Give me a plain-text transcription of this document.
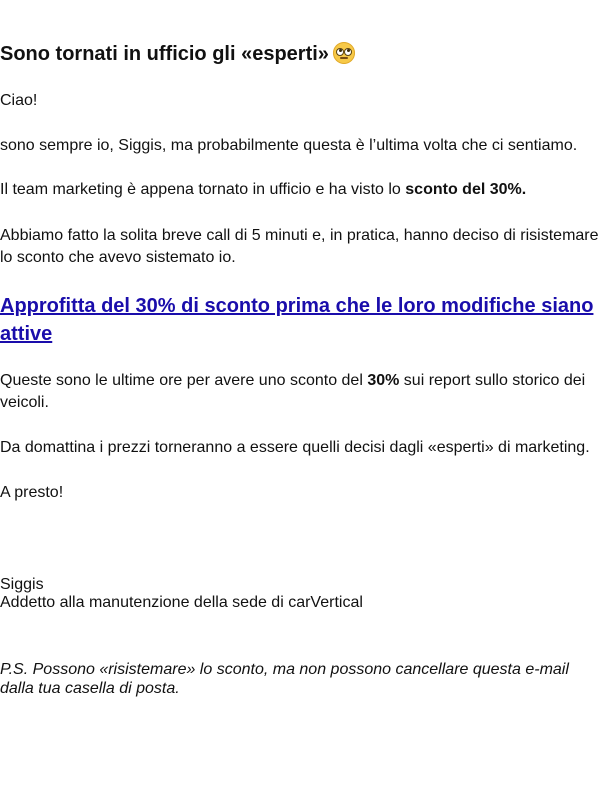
Sono tornati in ufficio gli «esperti»

Ciao!

sono sempre io, Siggis, ma probabilmente questa è l’ultima volta che ci sentiamo.

Il team marketing è appena tornato in ufficio e ha visto lo sconto del 30%.

Abbiamo fatto la solita breve call di 5 minuti e, in pratica, hanno deciso di risistemare lo sconto che avevo sistemato io.

Approfitta del 30% di sconto prima che le loro modifiche siano attive

Queste sono le ultime ore per avere uno sconto del 30% sui report sullo storico dei veicoli.

Da domattina i prezzi torneranno a essere quelli decisi dagli «esperti» di marketing.

A presto!

Siggis
Addetto alla manutenzione della sede di carVertical

P.S. Possono «risistemare» lo sconto, ma non possono cancellare questa e-mail dalla tua casella di posta.
